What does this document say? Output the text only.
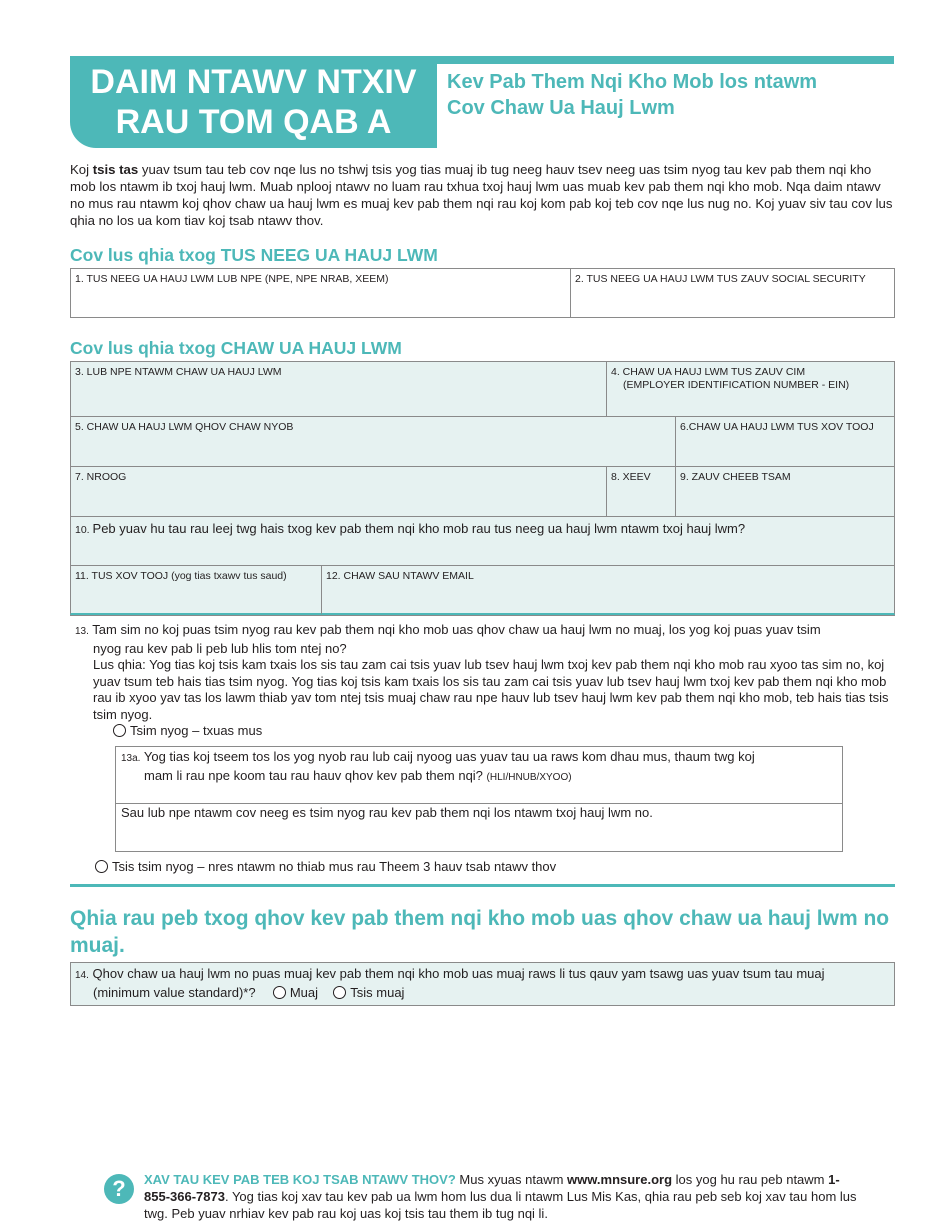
DAIM NTAWV NTXIV
RAU TOM QAB A
Kev Pab Them Nqi Kho Mob los ntawm
Cov Chaw Ua Hauj Lwm
Koj tsis tas yuav tsum tau teb cov nqe lus no tshwj tsis yog tias muaj ib tug neeg hauv tsev neeg uas tsim nyog tau kev pab them nqi kho mob los ntawm ib txoj hauj lwm. Muab nplooj ntawv no luam rau txhua txoj hauj lwm uas muab kev pab them nqi kho mob. Nqa daim ntawv no mus rau ntawm koj qhov chaw ua hauj lwm es muaj kev pab them nqi rau koj kom pab koj teb cov nqe lus nug no. Koj yuav siv tau cov lus qhia no los ua kom tiav koj tsab ntawv thov.
Cov lus qhia txog TUS NEEG UA HAUJ LWM
1. TUS NEEG UA HAUJ LWM LUB NPE (NPE, NPE NRAB, XEEM)	2. TUS NEEG UA HAUJ LWM TUS ZAUV SOCIAL SECURITY
Cov lus qhia txog CHAW UA HAUJ LWM
3. LUB NPE NTAWM CHAW UA HAUJ LWM	4. CHAW UA HAUJ LWM TUS ZAUV CIM
(EMPLOYER IDENTIFICATION NUMBER - EIN)
5. CHAW UA HAUJ LWM QHOV CHAW NYOB	6.CHAW UA HAUJ LWM TUS XOV TOOJ
7. NROOG	8. XEEV	9. ZAUV CHEEB TSAM
10. Peb yuav hu tau rau leej twg hais txog kev pab them nqi kho mob rau tus neeg ua hauj lwm ntawm txoj hauj lwm?
11. TUS XOV TOOJ (yog tias txawv tus saud)	12. CHAW SAU NTAWV EMAIL
13. Tam sim no koj puas tsim nyog rau kev pab them nqi kho mob uas qhov chaw ua hauj lwm no muaj, los yog koj puas yuav tsim
nyog rau kev pab li peb lub hlis tom ntej no?
Lus qhia: Yog tias koj tsis kam txais los sis tau zam cai tsis yuav lub tsev hauj lwm txoj kev pab them nqi kho mob rau xyoo tas sim no, koj yuav tsum teb hais tias tsim nyog. Yog tias koj tsis kam txais los sis tau zam cai tsis yuav lub tsev hauj lwm txoj kev pab them nqi kho mob rau ib xyoo yav tas los lawm thiab yav tom ntej tsis muaj chaw rau npe hauv lub tsev hauj lwm kev pab them nqi kho mob, teb hais tias tsis tsim nyog.
Tsim nyog – txuas mus
13a. Yog tias koj tseem tos los yog nyob rau lub caij nyoog uas yuav tau ua raws kom dhau mus, thaum twg koj
mam li rau npe koom tau rau hauv qhov kev pab them nqi? (HLI/HNUB/XYOO)
Sau lub npe ntawm cov neeg es tsim nyog rau kev pab them nqi los ntawm txoj hauj lwm no.
Tsis tsim nyog – nres ntawm no thiab mus rau Theem 3 hauv tsab ntawv thov
Qhia rau peb txog qhov kev pab them nqi kho mob uas qhov chaw ua hauj lwm no muaj.
14. Qhov chaw ua hauj lwm no puas muaj kev pab them nqi kho mob uas muaj raws li tus qauv yam tsawg uas yuav tsum tau muaj
(minimum value standard)*?	Muaj Tsis muaj
?	XAV TAU KEV PAB TEB KOJ TSAB NTAWV THOV? Mus xyuas ntawm www.mnsure.org los yog hu rau peb ntawm 1-855-366-7873. Yog tias koj xav tau kev pab ua lwm hom lus dua li ntawm Lus Mis Kas, qhia rau peb seb koj xav tau hom lus twg. Peb yuav nrhiav kev pab rau koj uas koj tsis tau them ib tug nqi li.
